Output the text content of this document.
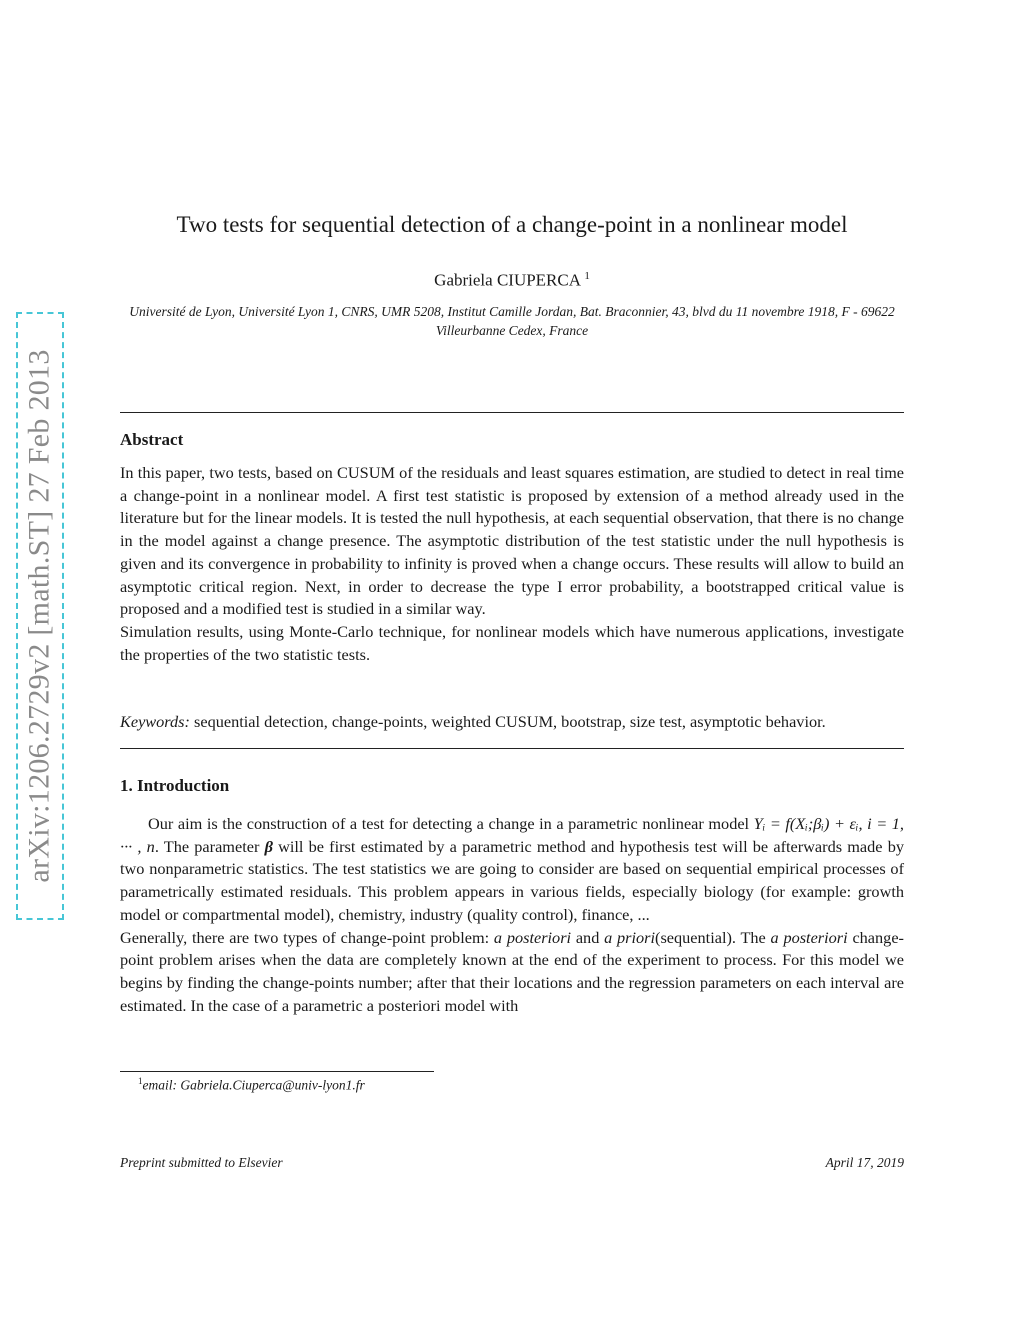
arXiv:1206.2729v2 [math.ST] 27 Feb 2013
Two tests for sequential detection of a change-point in a nonlinear model
Gabriela CIUPERCA $^1$
Université de Lyon, Université Lyon 1, CNRS, UMR 5208, Institut Camille Jordan, Bat. Braconnier, 43, blvd du 11 novembre 1918, F - 69622 Villeurbanne Cedex, France
Abstract

In this paper, two tests, based on CUSUM of the residuals and least squares estimation, are studied to detect in real time a change-point in a nonlinear model. A first test statistic is proposed by extension of a method already used in the literature but for the linear models. It is tested the null hypothesis, at each sequential observation, that there is no change in the model against a change presence. The asymptotic distribution of the test statistic under the null hypothesis is given and its convergence in probability to infinity is proved when a change occurs. These results will allow to build an asymptotic critical region. Next, in order to decrease the type I error probability, a bootstrapped critical value is proposed and a modified test is studied in a similar way.

Simulation results, using Monte-Carlo technique, for nonlinear models which have numerous applications, investigate the properties of the two statistic tests.

Keywords: sequential detection, change-points, weighted CUSUM, bootstrap, size test, asymptotic behavior.
1. Introduction

Our aim is the construction of a test for detecting a change in a parametric nonlinear model Yᵢ = f(Xᵢ;βᵢ) + εᵢ, i = 1, ··· , n. The parameter β will be first estimated by a parametric method and hypothesis test will be afterwards made by two nonparametric statistics. The test statistics we are going to consider are based on sequential empirical processes of parametrically estimated residuals. This problem appears in various fields, especially biology (for example: growth model or compartmental model), chemistry, industry (quality control), finance, ...

Generally, there are two types of change-point problem: a posteriori and a priori(sequential). The a posteriori change-point problem arises when the data are completely known at the end of the experiment to process. For this model we begins by finding the change-points number; after that their locations and the regression parameters on each interval are estimated. In the case of a parametric a posteriori model with

$^1$email: Gabriela.Ciuperca@univ-lyon1.fr
Preprint submitted to Elsevier	April 17, 2019
